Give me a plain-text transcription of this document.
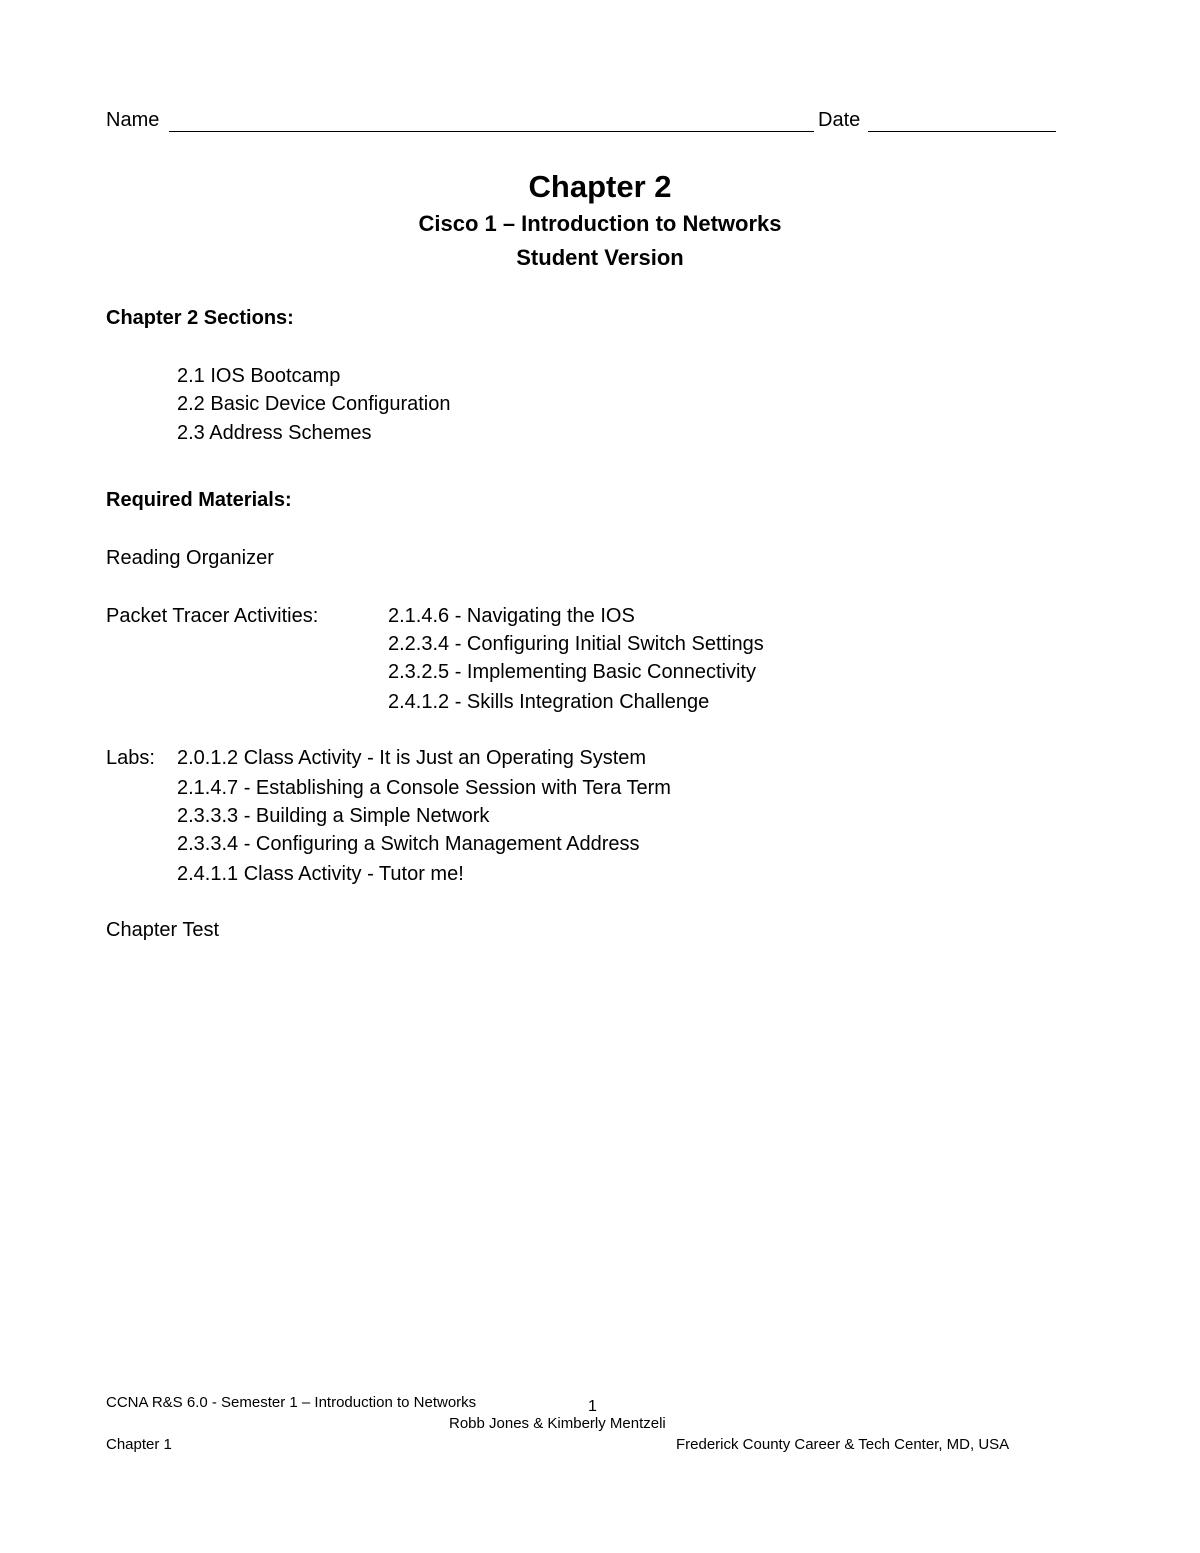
Name	Date
Chapter 2
Cisco 1 – Introduction to Networks
Student Version
Chapter 2 Sections:
2.1 IOS Bootcamp
2.2 Basic Device Configuration
2.3 Address Schemes
Required Materials:
Reading Organizer
Packet Tracer Activities:	2.1.4.6 - Navigating the IOS
2.2.3.4 - Configuring Initial Switch Settings
2.3.2.5 - Implementing Basic Connectivity
2.4.1.2 - Skills Integration Challenge
Labs: 2.0.1.2 Class Activity - It is Just an Operating System
2.1.4.7 - Establishing a Console Session with Tera Term
2.3.3.3 - Building a Simple Network
2.3.3.4 - Configuring a Switch Management Address
2.4.1.1 Class Activity - Tutor me!
Chapter Test
CCNA R&S 6.0 - Semester 1 – Introduction to Networks	1
Robb Jones & Kimberly Mentzeli
Chapter 1	Frederick County Career & Tech Center, MD, USA
